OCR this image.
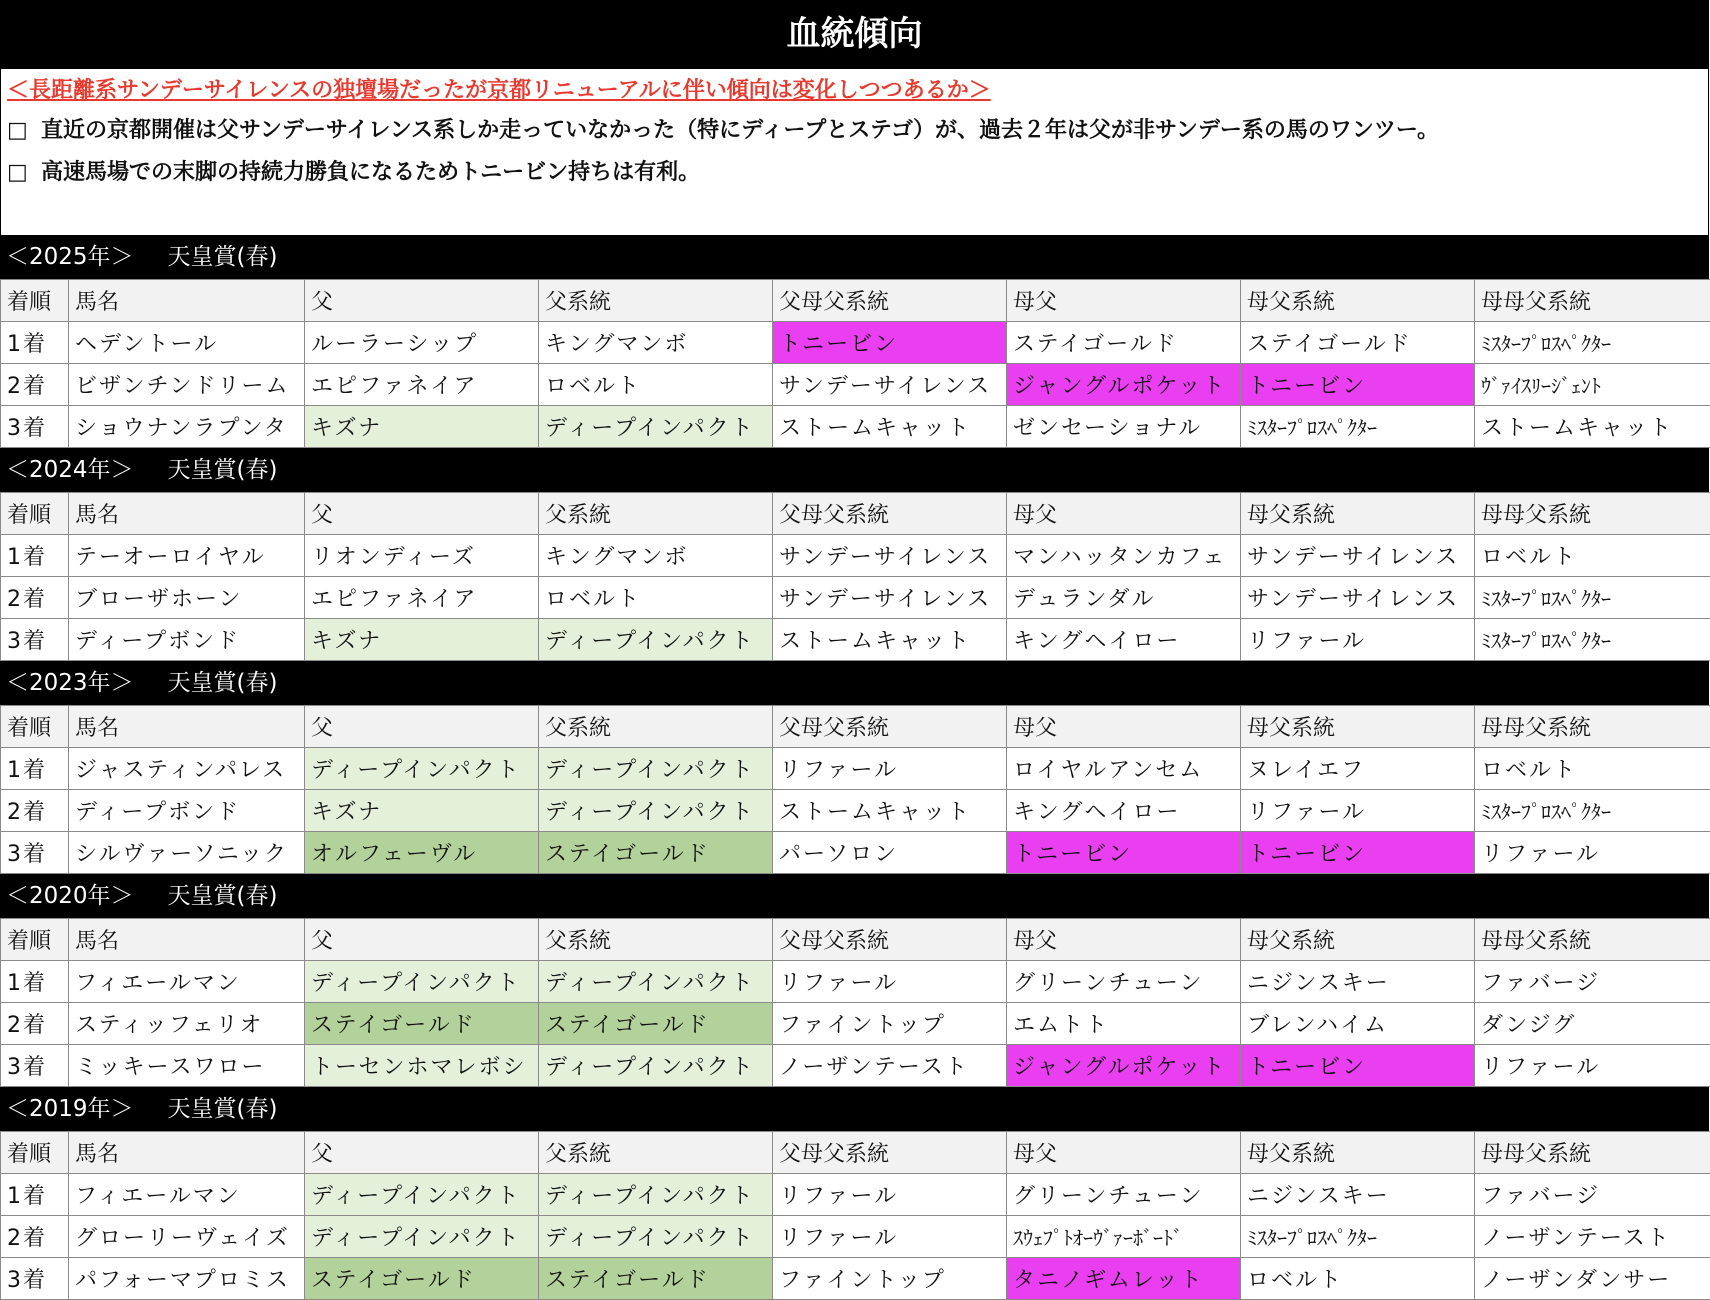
血統傾向
＜長距離系サンデーサイレンスの独壇場だったが京都リニューアルに伴い傾向は変化しつつあるか＞
□ 直近の京都開催は父サンデーサイレンス系しか走っていなかった（特にディープとステゴ）が、過去２年は父が非サンデー系の馬のワンツー。
□ 高速馬場での末脚の持続力勝負になるためトニービン持ちは有利。
＜2025年＞ 天皇賞(春)
着順	馬名	父	父系統	父母父系統	母父	母父系統	母母父系統
1着	ヘデントール	ルーラーシップ	キングマンボ	トニービン	ステイゴールド	ステイゴールド	ﾐｽﾀｰﾌﾟﾛｽﾍﾟｸﾀｰ
2着	ビザンチンドリーム	エピファネイア	ロベルト	サンデーサイレンス	ジャングルポケット	トニービン	ｳﾞｧｲｽﾘｰｼﾞｪﾝﾄ
3着	ショウナンラプンタ	キズナ	ディープインパクト	ストームキャット	ゼンセーショナル	ﾐｽﾀｰﾌﾟﾛｽﾍﾟｸﾀｰ	ストームキャット
＜2024年＞ 天皇賞(春)
着順	馬名	父	父系統	父母父系統	母父	母父系統	母母父系統
1着	テーオーロイヤル	リオンディーズ	キングマンボ	サンデーサイレンス	マンハッタンカフェ	サンデーサイレンス	ロベルト
2着	ブローザホーン	エピファネイア	ロベルト	サンデーサイレンス	デュランダル	サンデーサイレンス	ﾐｽﾀｰﾌﾟﾛｽﾍﾟｸﾀｰ
3着	ディープボンド	キズナ	ディープインパクト	ストームキャット	キングヘイロー	リファール	ﾐｽﾀｰﾌﾟﾛｽﾍﾟｸﾀｰ
＜2023年＞ 天皇賞(春)
着順	馬名	父	父系統	父母父系統	母父	母父系統	母母父系統
1着	ジャスティンパレス	ディープインパクト	ディープインパクト	リファール	ロイヤルアンセム	ヌレイエフ	ロベルト
2着	ディープボンド	キズナ	ディープインパクト	ストームキャット	キングヘイロー	リファール	ﾐｽﾀｰﾌﾟﾛｽﾍﾟｸﾀｰ
3着	シルヴァーソニック	オルフェーヴル	ステイゴールド	パーソロン	トニービン	トニービン	リファール
＜2020年＞ 天皇賞(春)
着順	馬名	父	父系統	父母父系統	母父	母父系統	母母父系統
1着	フィエールマン	ディープインパクト	ディープインパクト	リファール	グリーンチューン	ニジンスキー	ファバージ
2着	スティッフェリオ	ステイゴールド	ステイゴールド	ファイントップ	エムトト	ブレンハイム	ダンジグ
3着	ミッキースワロー	トーセンホマレボシ	ディープインパクト	ノーザンテースト	ジャングルポケット	トニービン	リファール
＜2019年＞ 天皇賞(春)
着順	馬名	父	父系統	父母父系統	母父	母父系統	母母父系統
1着	フィエールマン	ディープインパクト	ディープインパクト	リファール	グリーンチューン	ニジンスキー	ファバージ
2着	グローリーヴェイズ	ディープインパクト	ディープインパクト	リファール	ｽｳｪﾌﾟﾄｵｰｳﾞｧｰﾎﾞｰﾄﾞ	ﾐｽﾀｰﾌﾟﾛｽﾍﾟｸﾀｰ	ノーザンテースト
3着	パフォーマプロミス	ステイゴールド	ステイゴールド	ファイントップ	タニノギムレット	ロベルト	ノーザンダンサー
